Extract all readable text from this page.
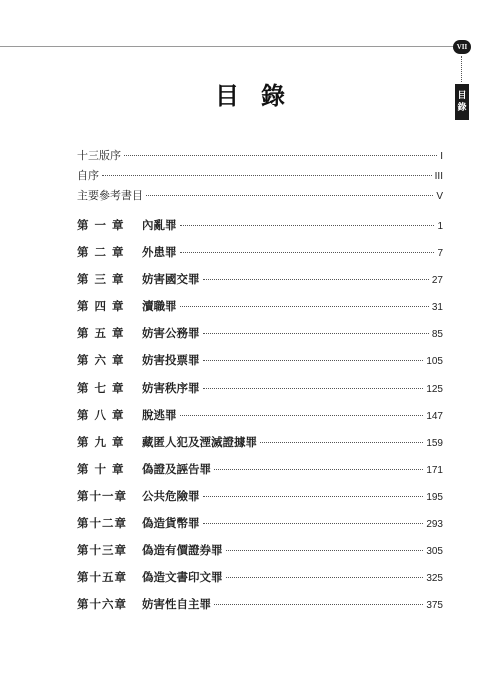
VII
目
錄
目錄
十三版序	I
自序	III
主要參考書目	V
第 一 章	內亂罪	1
第 二 章	外患罪	7
第 三 章	妨害國交罪	27
第 四 章	瀆職罪	31
第 五 章	妨害公務罪	85
第 六 章	妨害投票罪	105
第 七 章	妨害秩序罪	125
第 八 章	脫逃罪	147
第 九 章	藏匿人犯及湮滅證據罪	159
第 十 章	偽證及誣告罪	171
第十一章	公共危險罪	195
第十二章	偽造貨幣罪	293
第十三章	偽造有價證券罪	305
第十五章	偽造文書印文罪	325
第十六章	妨害性自主罪	375
